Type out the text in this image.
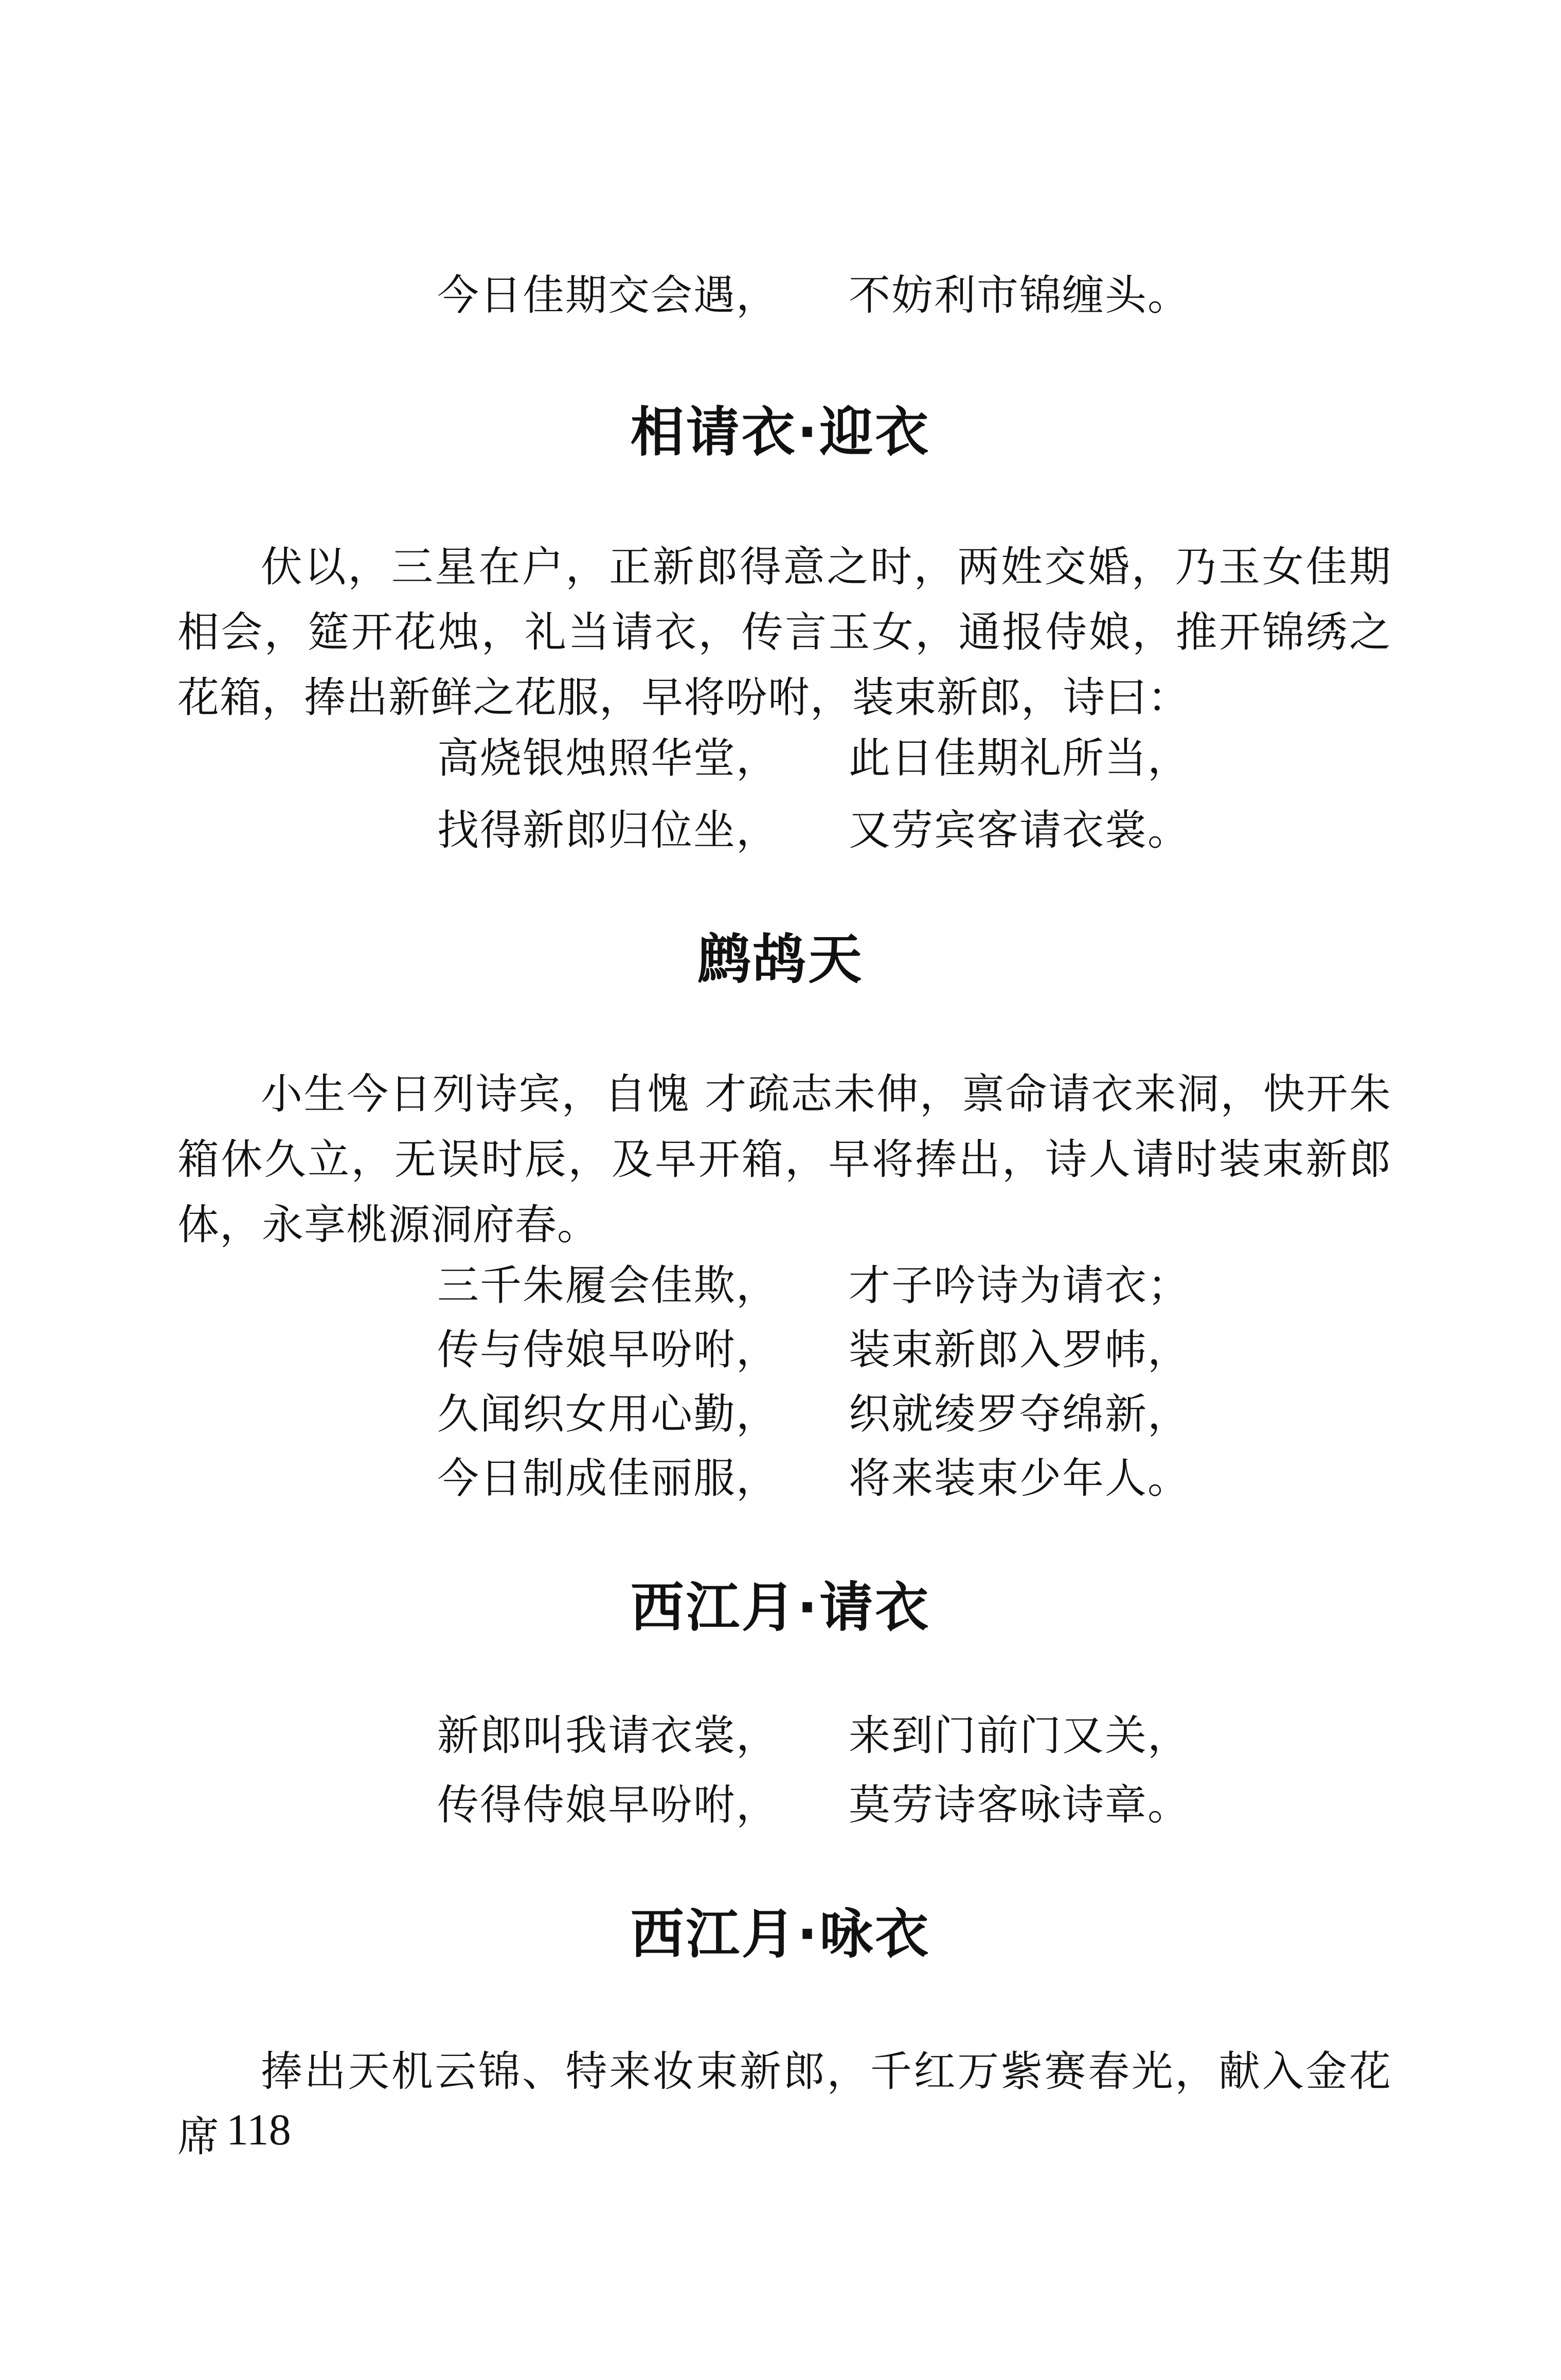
今日佳期交会遇， 不妨利市锦缠头。
相请衣·迎衣

伏以，三星在户，正新郎得意之时，两姓交婚，乃玉女佳期相会，筵开花烛，礼当请衣，传言玉女，通报侍娘，推开锦绣之花箱，捧出新鲜之花服，早将吩咐，装束新郎，诗曰：

高烧银烛照华堂， 此日佳期礼所当，
找得新郎归位坐， 又劳宾客请衣裳。
鹧鸪天

小生今日列诗宾，自愧 才疏志未伸，禀命请衣来洞，快开朱箱休久立，无误时辰，及早开箱，早将捧出，诗人请时装束新郎体，永享桃源洞府春。

三千朱履会佳欺， 才子吟诗为请衣；
传与侍娘早吩咐， 装束新郎入罗帏，
久闻织女用心勤， 织就绫罗夺绵新，
今日制成佳丽服， 将来装束少年人。
西江月·请衣
新郎叫我请衣裳， 来到门前门又关，
传得侍娘早吩咐， 莫劳诗客咏诗章。
西江月·咏衣

捧出天机云锦、特来妆束新郎，千红万紫赛春光，献入金花席 118
